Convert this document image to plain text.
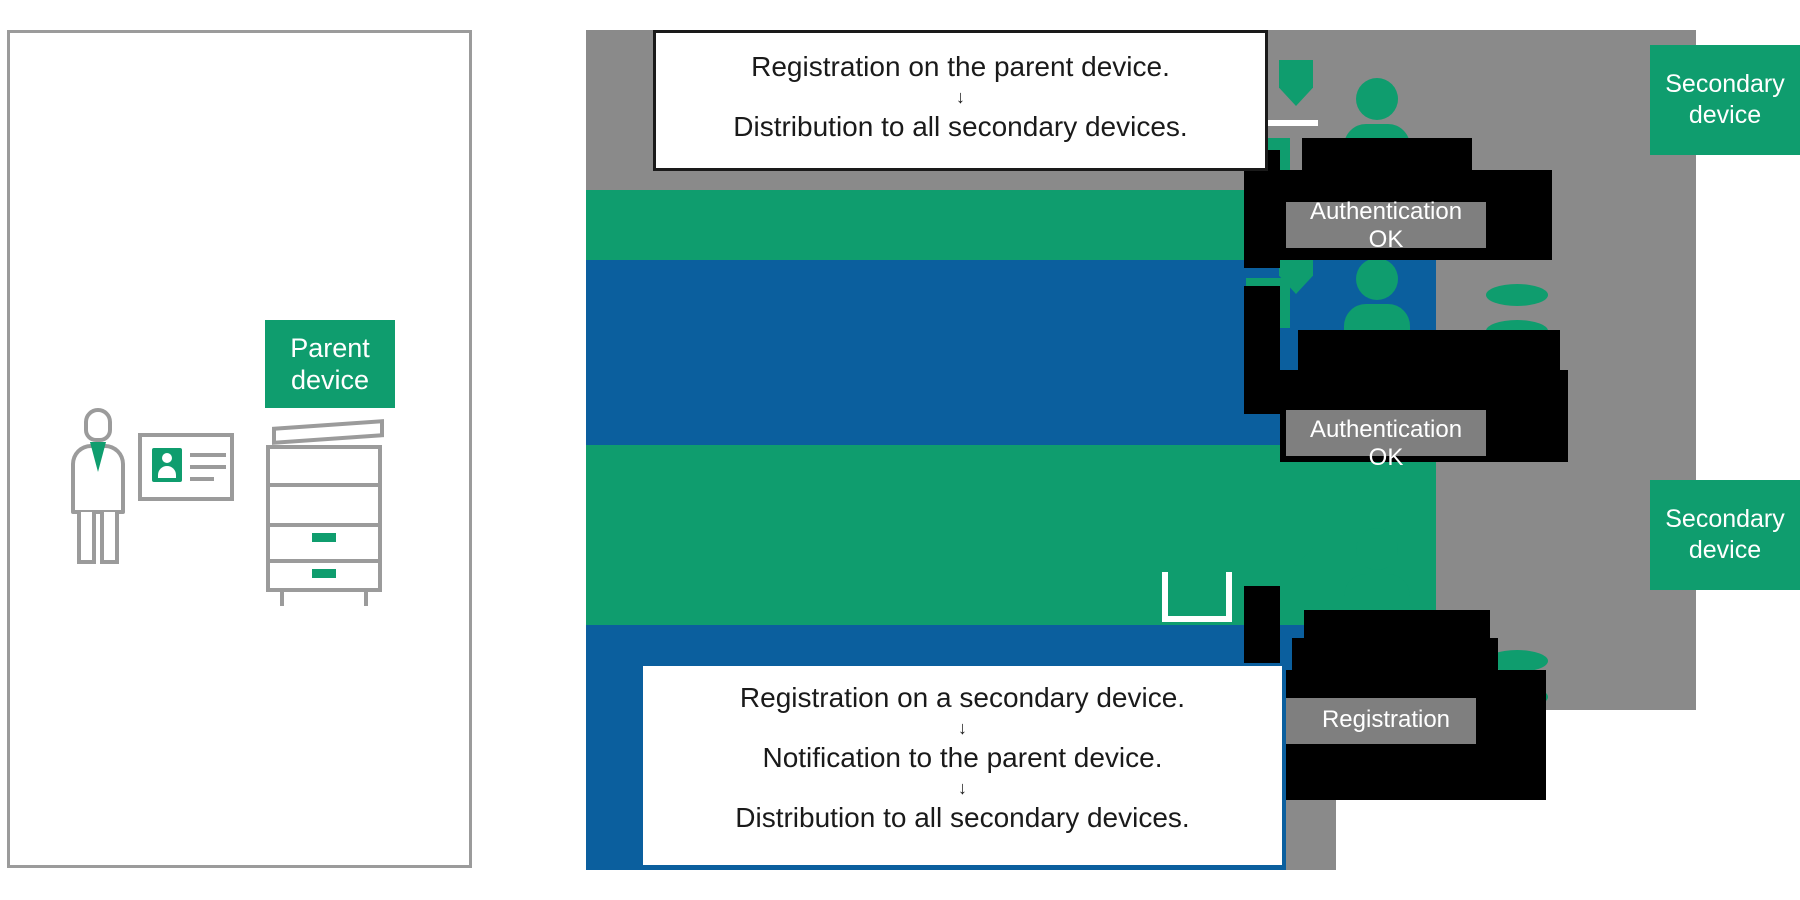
Parent
device
Authentication
OK
Authentication
OK
Registration
Secondary
device
Secondary
device
Registration on the parent device.
↓
Distribution to all secondary devices.
Registration on a secondary device.
↓
Notification to the parent device.
↓
Distribution to all secondary devices.
